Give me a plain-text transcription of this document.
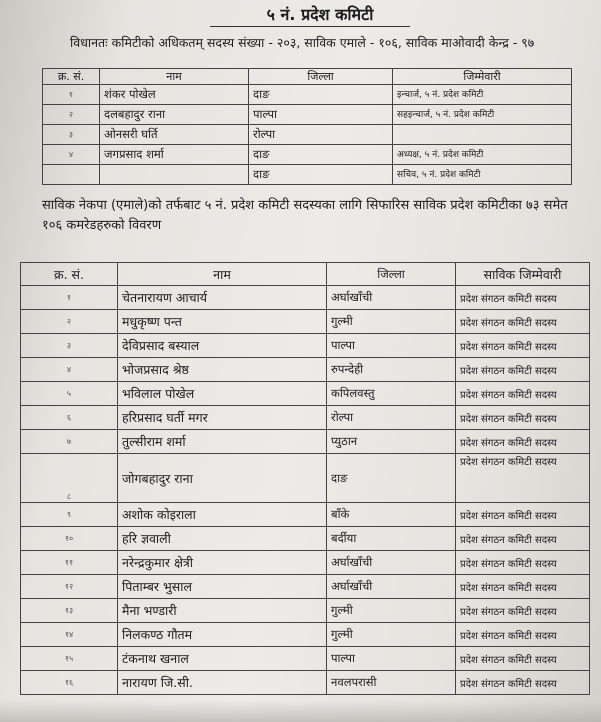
५ नं. प्रदेश कमिटी
विधानतः कमिटीको अधिकतम् सदस्य संख्या - २०३, साविक एमाले - १०६, साविक माओवादी केन्द्र - ९७
क्र. सं.	नाम	जिल्ला	जिम्मेवारी
१	शंकर पोखेल	दाङ	इन्चार्ज, ५ नं. प्रदेश कमिटी
२	दलबहादुर राना	पाल्पा	सहइन्चार्ज, ५ नं. प्रदेश कमिटी
३	ओनसरी घर्ति	रोल्पा	
४	जगप्रसाद शर्मा	दाङ	अध्यक्ष, ५ नं. प्रदेश कमिटी
		दाङ	सचिव, ५ नं. प्रदेश कमिटी
साविक नेकपा (एमाले)को तर्फबाट ५ नं. प्रदेश कमिटी सदस्यका लागि सिफारिस साविक प्रदेश कमिटीका ७३ समेत १०६ कमरेडहरुको विवरण
क्र. सं.	नाम	जिल्ला	साविक जिम्मेवारी
१	चेतनारायण आचार्य	अर्घाखाँची	प्रदेश संगठन कमिटी सदस्य
२	मधुकृष्ण पन्त	गुल्मी	प्रदेश संगठन कमिटी सदस्य
३	देविप्रसाद बस्याल	पाल्पा	प्रदेश संगठन कमिटी सदस्य
४	भोजप्रसाद श्रेष्ठ	रुपन्देही	प्रदेश संगठन कमिटी सदस्य
५	भविलाल पोखेल	कपिलवस्तु	प्रदेश संगठन कमिटी सदस्य
६	हरिप्रसाद घर्ती मगर	रोल्पा	प्रदेश संगठन कमिटी सदस्य
७	तुल्सीराम शर्मा	प्युठान	प्रदेश संगठन कमिटी सदस्य
८	जोगबहादुर राना	दाङ	प्रदेश संगठन कमिटी सदस्य
९	अशोक कोइराला	बाँके	प्रदेश संगठन कमिटी सदस्य
१०	हरि ज्ञवाली	बर्दीया	प्रदेश संगठन कमिटी सदस्य
११	नरेन्द्रकुमार क्षेत्री	अर्घाखाँची	प्रदेश संगठन कमिटी सदस्य
१२	पिताम्बर भुसाल	अर्घाखाँची	प्रदेश संगठन कमिटी सदस्य
१३	मैना भण्डारी	गुल्मी	प्रदेश संगठन कमिटी सदस्य
१४	निलकण्ठ गौतम	गुल्मी	प्रदेश संगठन कमिटी सदस्य
१५	टंकनाथ खनाल	पाल्पा	प्रदेश संगठन कमिटी सदस्य
१६	नारायण जि.सी.	नवलपरासी	प्रदेश संगठन कमिटी सदस्य
